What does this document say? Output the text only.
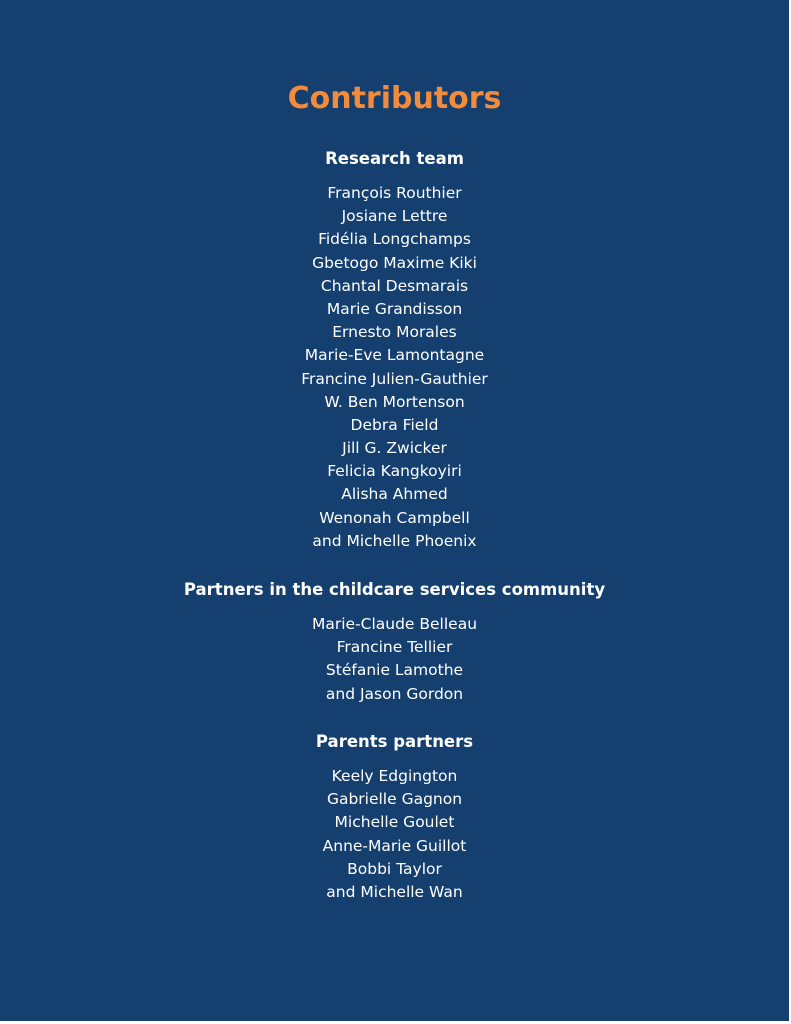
Contributors
Research team
François Routhier
Josiane Lettre
Fidélia Longchamps
Gbetogo Maxime Kiki
Chantal Desmarais
Marie Grandisson
Ernesto Morales
Marie-Eve Lamontagne
Francine Julien-Gauthier
W. Ben Mortenson
Debra Field
Jill G. Zwicker
Felicia Kangkoyiri
Alisha Ahmed
Wenonah Campbell
and Michelle Phoenix
Partners in the childcare services community
Marie-Claude Belleau
Francine Tellier
Stéfanie Lamothe
and Jason Gordon
Parents partners
Keely Edgington
Gabrielle Gagnon
Michelle Goulet
Anne-Marie Guillot
Bobbi Taylor
and Michelle Wan
